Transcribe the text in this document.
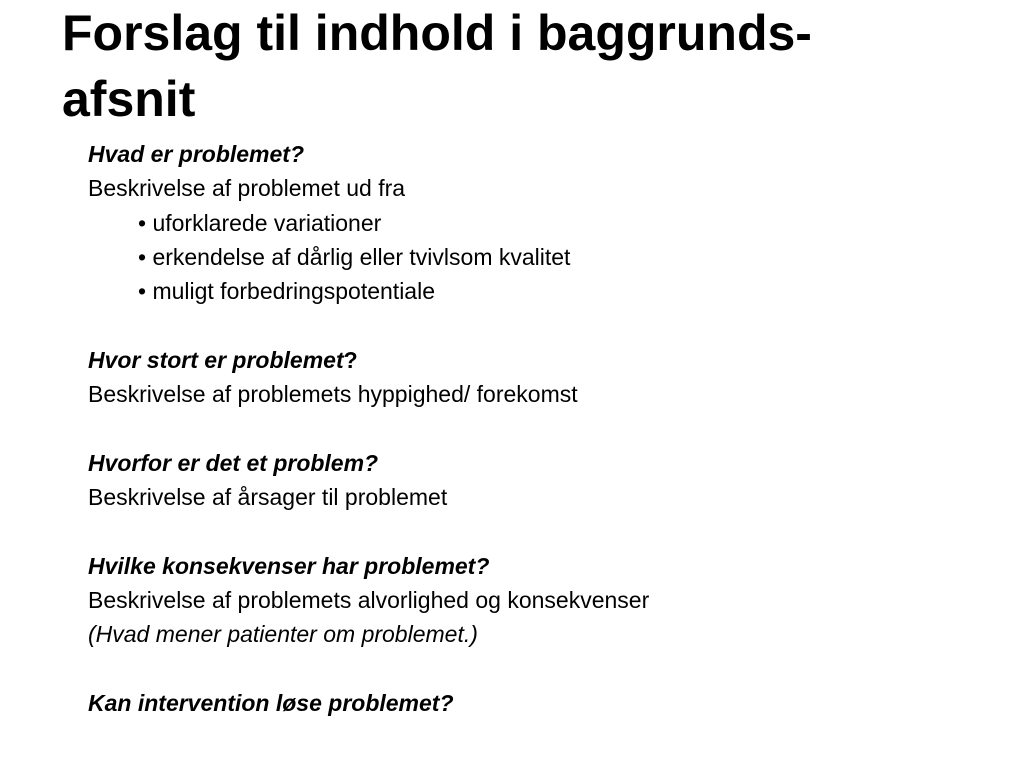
Forslag til indhold i baggrunds-
afsnit
Hvad er problemet?
Beskrivelse af problemet ud fra
• uforklarede variationer
• erkendelse af dårlig eller tvivlsom kvalitet
• muligt forbedringspotentiale
Hvor stort er problemet?
Beskrivelse af problemets hyppighed/ forekomst
Hvorfor er det et problem?
Beskrivelse af årsager til problemet
Hvilke konsekvenser har problemet?
Beskrivelse af problemets alvorlighed og konsekvenser
(Hvad mener patienter om problemet.)
Kan intervention løse problemet?
